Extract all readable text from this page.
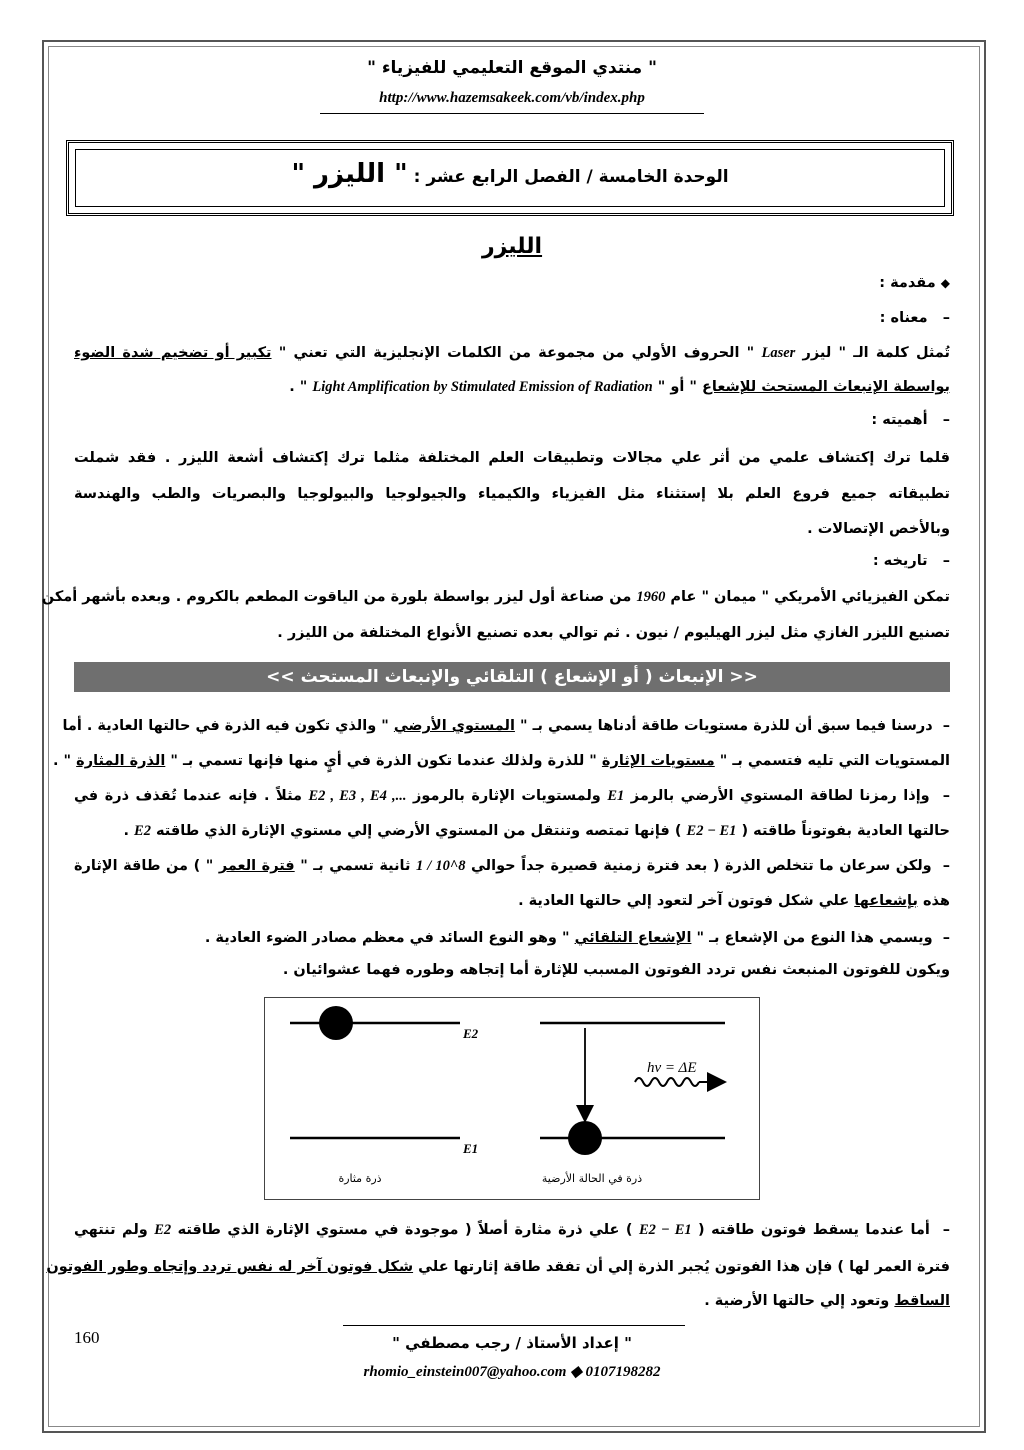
" منتدي الموقع التعليمي للفيزياء "
http://www.hazemsakeek.com/vb/index.php
الوحدة الخامسة / الفصل الرابع عشر : " الليزر "
الليزر
◆ مقدمة :
–   معناه :
تُمثل كلمة الـ " ليزر Laser " الحروف الأولي من مجموعة من الكلمات الإنجليزية التي تعني " تكبير أو تضخيم شدة الضوء
بواسطة الإنبعاث المستحث للإشعاع " أو " Light Amplification by Stimulated Emission of Radiation " .
–   أهميته :
قلما ترك إكتشاف علمي من أثر علي مجالات وتطبيقات العلم المختلفة مثلما ترك إكتشاف أشعة الليزر . فقد شملت
تطبيقاته جميع فروع العلم بلا إستثناء مثل الفيزياء والكيمياء والجيولوجيا والبيولوجيا والبصريات والطب والهندسة
وبالأخص الإتصالات .
–   تاريخه :
تمكن الفيزيائي الأمريكي " ميمان " عام 1960 من صناعة أول ليزر بواسطة بلورة من الياقوت المطعم بالكروم . وبعده بأشهر أمكن
تصنيع الليزر الغازي مثل ليزر الهيليوم / نيون . ثم توالي بعده تصنيع الأنواع المختلفة من الليزر .
<< الإنبعاث ( أو الإشعاع ) التلقائي والإنبعاث المستحث >>
–  درسنا فيما سبق أن للذرة مستويات طاقة أدناها يسمي بـ " المستوي الأرضي " والذي تكون فيه الذرة في حالتها العادية . أما
المستويات التي تليه فتسمي بـ " مستويات الإثارة " للذرة ولذلك عندما تكون الذرة في أيٍ منها فإنها تسمي بـ " الذرة المثارة " .
–  وإذا رمزنا لطاقة المستوي الأرضي بالرمز E1 ولمستويات الإثارة بالرموز E2 , E3 , E4 ,... مثلاً . فإنه عندما تُقذف ذرة في
حالتها العادية بفوتوناً طاقته ( E2 − E1 ) فإنها تمتصه وتنتقل من المستوي الأرضي إلي مستوي الإثارة الذي طاقته E2 .
–  ولكن سرعان ما تتخلص الذرة ( بعد فترة زمنية قصيرة جداً حوالي 1 / 10^8 ثانية تسمي بـ " فترة العمر " ) من طاقة الإثارة
هذه بإشعاعها علي شكل فوتون آخر لتعود إلي حالتها العادية .
–  ويسمي هذا النوع من الإشعاع بـ " الإشعاع التلقائي " وهو النوع السائد في معظم مصادر الضوء العادية .
ويكون للفوتون المنبعث نفس تردد الفوتون المسبب للإثارة أما إتجاهه وطوره فهما عشوائيان .
hν = ΔE
E2
E1
ذرة مثارة	ذرة في الحالة الأرضية
–  أما عندما يسقط فوتون طاقته ( E2 − E1 ) علي ذرة مثارة أصلاً ( موجودة في مستوي الإثارة الذي طاقته E2 ولم تنتهي
فترة العمر لها ) فإن هذا الفوتون يُجبر الذرة إلي أن تفقد طاقة إثارتها علي شكل فوتون آخر له نفس تردد وإتجاه وطور الفوتون
الساقط وتعود إلي حالتها الأرضية .
160	" إعداد الأستاذ / رجب مصطفي "
rhomio_einstein007@yahoo.com ◆ 0107198282
